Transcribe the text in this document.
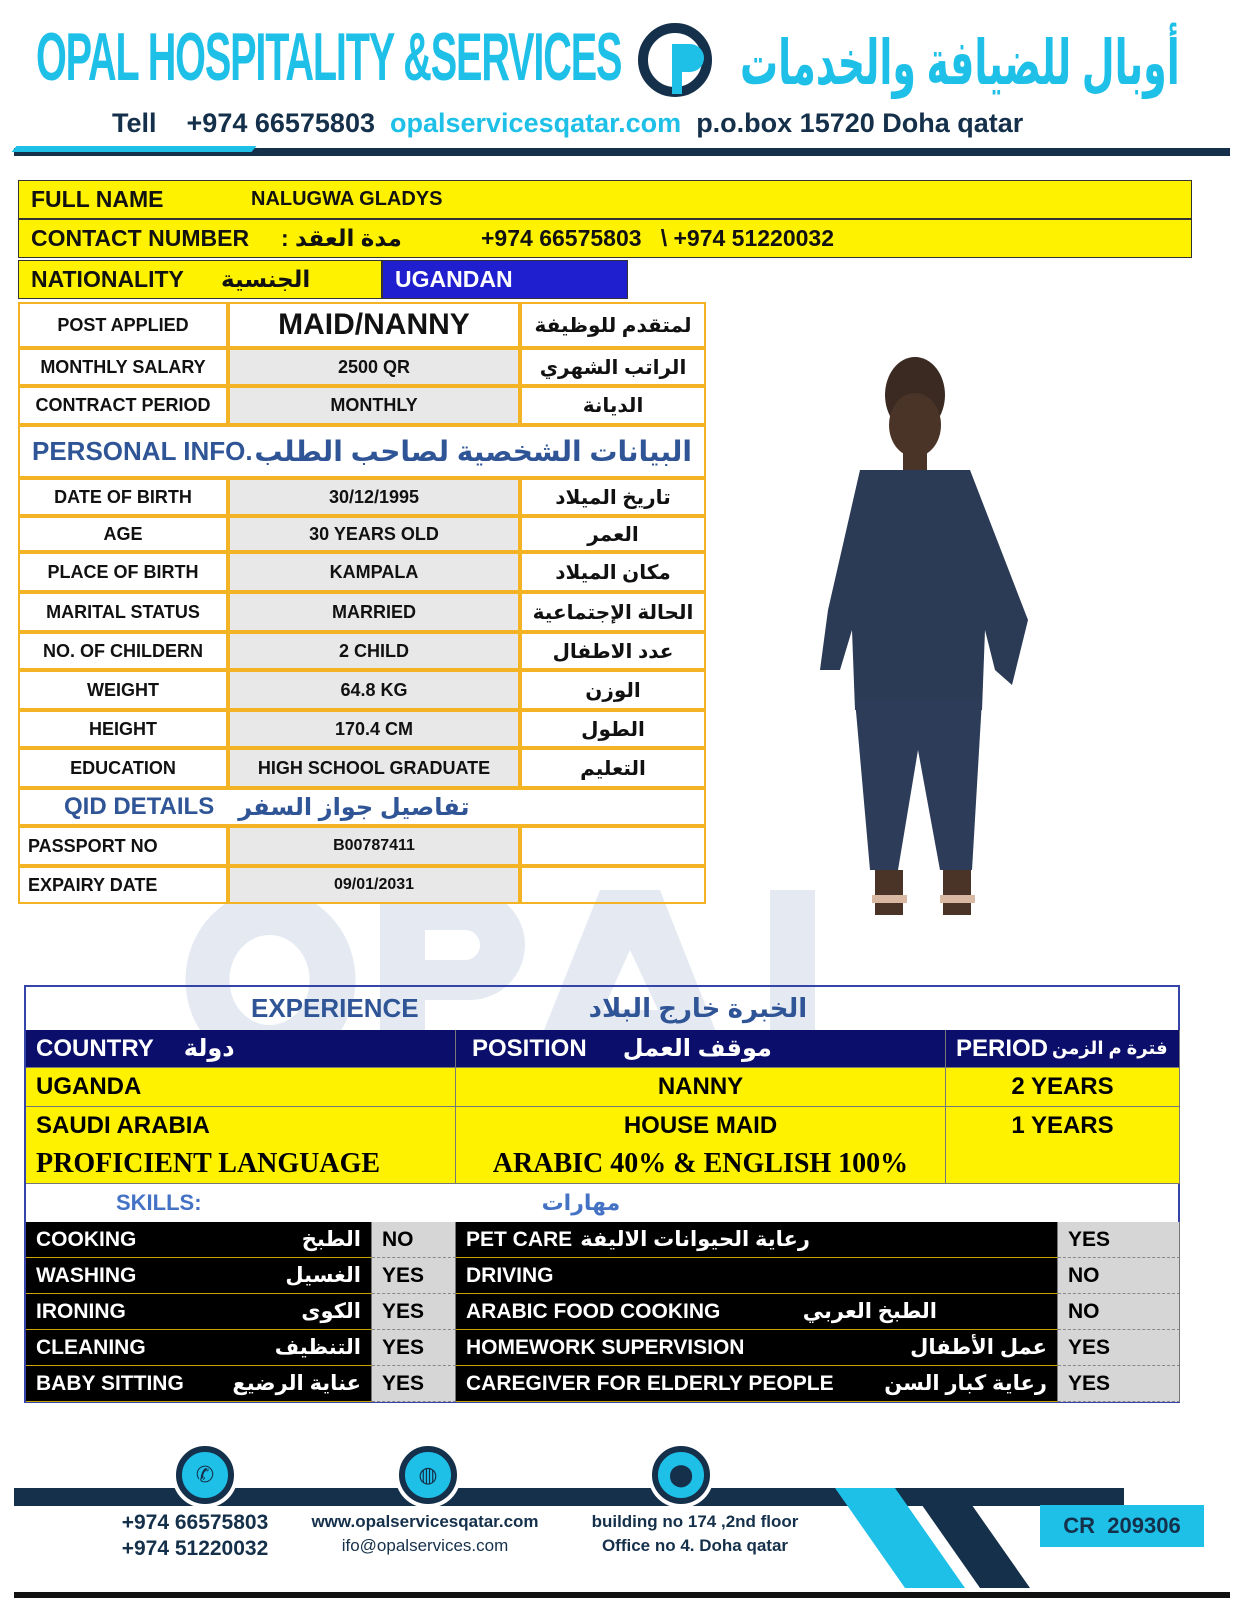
OPAL HOSPITALITY &SERVICES أوبال للضيافة والخدمات
Tell +974 66575803 opalservicesqatar.com p.o.box 15720 Doha qatar
FULL NAME	NALUGWA GLADYS
CONTACT NUMBER	مدة العقد :	+974 66575803   \ +974 51220032
NATIONALITY	الجنسية	UGANDAN
CR  209306
✆	◍	⬤
+974 66575803
+974 51220032
www.opalservicesqatar.com
ifo@opalservices.com
building no 174 ,2nd floor
Office no 4. Doha qatar
POST APPLIED	MAID/NANNY	لمتقدم للوظيفة
MONTHLY SALARY	2500 QR	الراتب الشهري
CONTRACT PERIOD	MONTHLY	الديانة
PERSONAL INFO. البيانات الشخصية لصاحب الطلب
DATE OF BIRTH	30/12/1995	تاريخ الميلاد
AGE	30 YEARS OLD	العمر
PLACE OF BIRTH	KAMPALA	مكان الميلاد
MARITAL STATUS	MARRIED	الحالة الإجتماعية
NO. OF CHILDERN	2 CHILD	عدد الاطفال
WEIGHT	64.8 KG	الوزن
HEIGHT	170.4 CM	الطول
EDUCATION	HIGH SCHOOL GRADUATE	التعليم
QID DETAILS تفاصيل جواز السفر
PASSPORT NO	B00787411
EXPAIRY DATE	09/01/2031
EXPERIENCE	الخبرة خارج البلاد
COUNTRY دولة	POSITION موقف العمل	PERIOD فترة م الزمن
UGANDA	NANNY	2 YEARS
SAUDI ARABIA	HOUSE MAID	1 YEARS
PROFICIENT LANGUAGE	ARABIC 40% & ENGLISH 100%
SKILLS:	مهارات
COOKING	الطبخ	NO	PET CARE رعاية الحيوانات الاليفة	YES
WASHING	الغسيل	YES	DRIVING	NO
IRONING	الكوى	YES	ARABIC FOOD COOKING	الطبخ العربي	NO
CLEANING	التنظيف	YES	HOMEWORK SUPERVISION	عمل الأطفال	YES
BABY SITTING عناية الرضيع	YES	CAREGIVER FOR ELDERLY PEOPLE رعاية كبار السن	YES
